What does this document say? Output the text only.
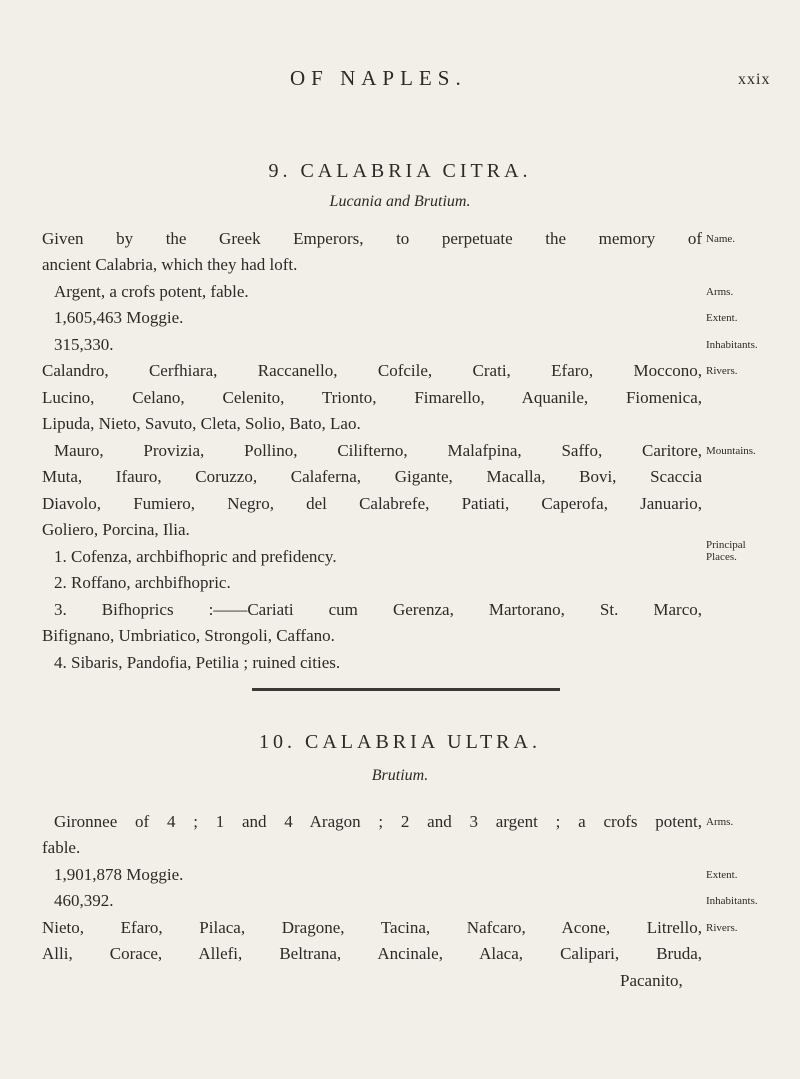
OF NAPLES.	xxix
9. CALABRIA CITRA.
Lucania and Brutium.
Given by the Greek Emperors, to perpetuate the memory of
ancient Calabria, which they had loft.
Argent, a crofs potent, fable.
1,605,463 Moggie.
315,330.
Calandro, Cerfhiara, Raccanello, Cofcile, Crati, Efaro, Moccono,
Lucino, Celano, Celenito, Trionto, Fimarello, Aquanile, Fiomenica,
Lipuda, Nieto, Savuto, Cleta, Solio, Bato, Lao.
Mauro, Provizia, Pollino, Cilifterno, Malafpina, Saffo, Caritore,
Muta, Ifauro, Coruzzo, Calaferna, Gigante, Macalla, Bovi, Scaccia
Diavolo, Fumiero, Negro, del Calabrefe, Patiati, Caperofa, Januario,
Goliero, Porcina, Ilia.
1. Cofenza, archbifhopric and prefidency.
2. Roffano, archbifhopric.
3. Bifhoprics :——Cariati cum Gerenza, Martorano, St. Marco,
Bifignano, Umbriatico, Strongoli, Caffano.
4. Sibaris, Pandofia, Petilia ; ruined cities.
Name.
Arms.
Extent.
Inhabitants.
Rivers.
Mountains.
Principal Places.
10. CALABRIA ULTRA.
Brutium.
Gironnee of 4 ; 1 and 4 Aragon ; 2 and 3 argent ; a crofs potent,
fable.
1,901,878 Moggie.
460,392.
Nieto, Efaro, Pilaca, Dragone, Tacina, Nafcaro, Acone, Litrello,
Alli, Corace, Allefi, Beltrana, Ancinale, Alaca, Calipari, Bruda,
Pacanito,
Arms.
Extent.
Inhabitants.
Rivers.
